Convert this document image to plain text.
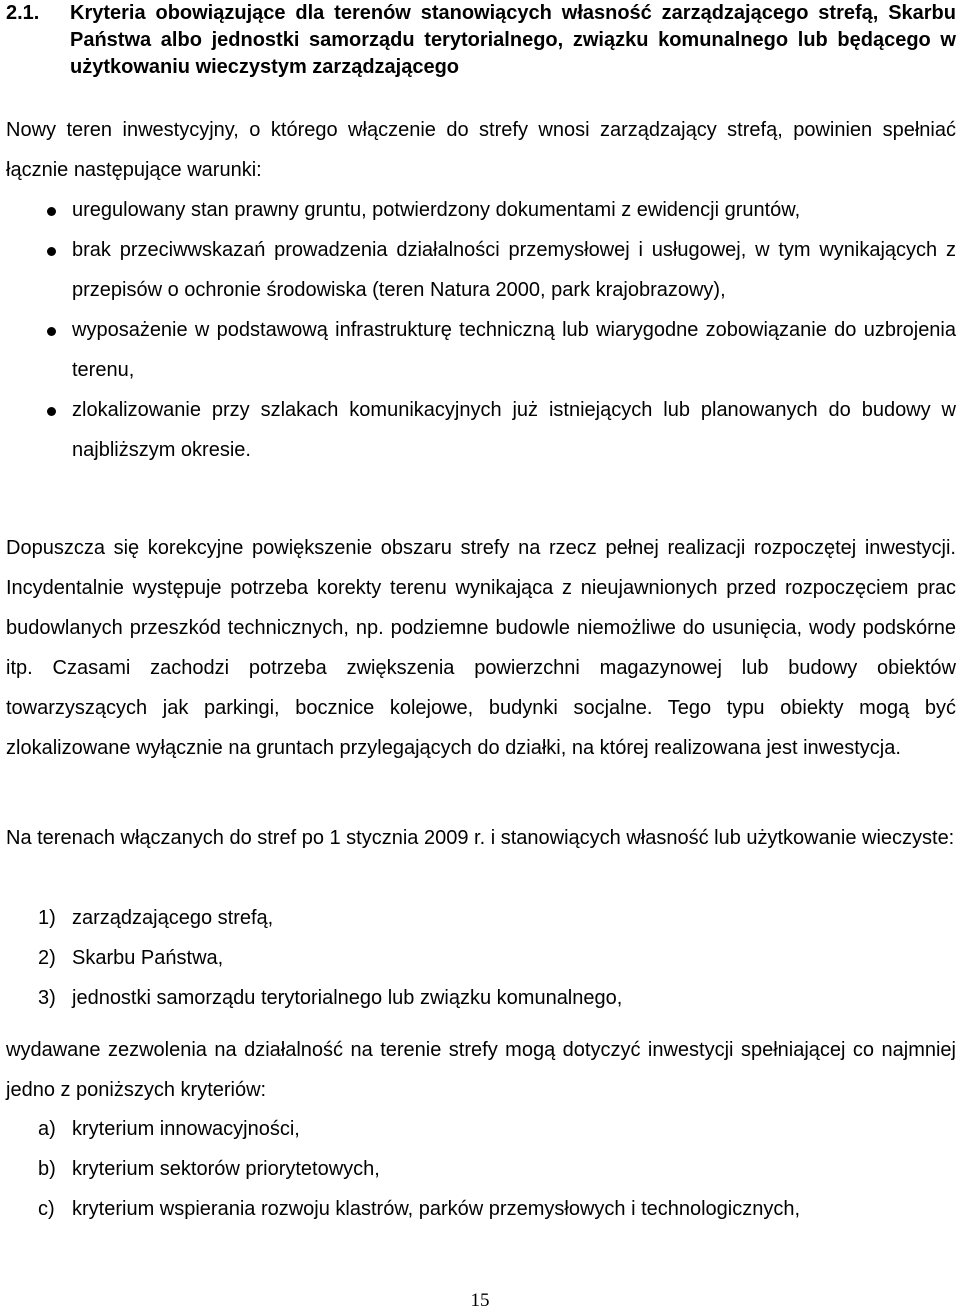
2.1.	Kryteria obowiązujące dla terenów stanowiących własność zarządzającego strefą, Skarbu Państwa albo jednostki samorządu terytorialnego, związku komunalnego lub będącego w użytkowaniu wieczystym zarządzającego
Nowy teren inwestycyjny, o którego włączenie do strefy wnosi zarządzający strefą, powinien spełniać łącznie następujące warunki:
uregulowany stan prawny gruntu, potwierdzony dokumentami z ewidencji gruntów,
brak przeciwwskazań prowadzenia działalności przemysłowej i usługowej, w tym wynikających z przepisów o ochronie środowiska (teren Natura 2000, park krajobrazowy),
wyposażenie w podstawową infrastrukturę techniczną lub wiarygodne zobowiązanie do uzbrojenia terenu,
zlokalizowanie przy szlakach komunikacyjnych już istniejących lub planowanych do budowy w najbliższym okresie.
Dopuszcza się korekcyjne powiększenie obszaru strefy na rzecz pełnej realizacji rozpoczętej inwestycji. Incydentalnie występuje potrzeba korekty terenu wynikająca z nieujawnionych przed rozpoczęciem prac budowlanych przeszkód technicznych, np. podziemne budowle niemożliwe do usunięcia, wody podskórne itp. Czasami zachodzi potrzeba zwiększenia powierzchni magazynowej lub budowy obiektów towarzyszących jak parkingi, bocznice kolejowe, budynki socjalne. Tego typu obiekty mogą być zlokalizowane wyłącznie na gruntach przylegających do działki, na której realizowana jest inwestycja.
Na terenach włączanych do stref po 1 stycznia 2009 r. i stanowiących własność lub użytkowanie wieczyste:
1) zarządzającego strefą,
2) Skarbu Państwa,
3) jednostki samorządu terytorialnego lub związku komunalnego,
wydawane zezwolenia na działalność na terenie strefy mogą dotyczyć inwestycji spełniającej co najmniej jedno z poniższych kryteriów:
a) kryterium innowacyjności,
b) kryterium sektorów priorytetowych,
c) kryterium wspierania rozwoju klastrów, parków przemysłowych i technologicznych,
15
